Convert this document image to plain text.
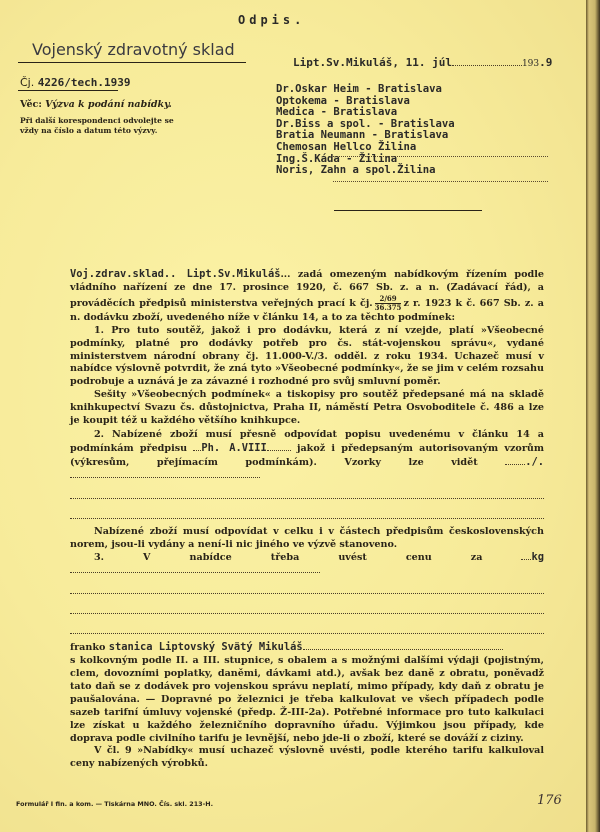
Odpis.
Vojenský zdravotný sklad
Čj. 4226/tech.1939
Věc: Výzva k podání nabídky.
Při další korespondenci odvolejte se vždy na číslo a datum této výzvy.
Lipt.Sv.Mikuláš, 11. júl	193.9
Dr.Oskar Heim - Bratislava
Optokema - Bratislava
Medica - Bratislava
Dr.Biss a spol. - Bratislava
Bratia Neumann - Bratislava
Chemosan Hellco Žilina
Ing.Š.Káda - Žilina
Noris, Zahn a spol.Žilina

Voj.zdrav.sklad.. Lipt.Sv.Mikuláš... zadá omezeným nabídkovým řízením podle vládního nařízení ze dne 17. prosince 1920, č. 667 Sb. z. a n. (Zadávací řád), a prováděcích předpisů ministerstva veřejných prací k čj. $\frac{2/69}{36.375}$ z r. 1923 k č. 667 Sb. z. a n. dodávku zboží, uvedeného níže v článku 14, a to za těchto podmínek:

1. Pro tuto soutěž, jakož i pro dodávku, která z ní vzejde, platí »Všeobecné podmínky, platné pro dodávky potřeb pro čs. stát-vojenskou správu«, vydané ministerstvem národní obrany čj. 11.000-V./3. odděl. z roku 1934. Uchazeč musí v nabídce výslovně potvrdit, že zná tyto »Všeobecné podmínky«, že se jim v celém rozsahu podrobuje a uznává je za závazné i rozhodné pro svůj smluvní poměr.

Sešity »Všeobecných podmínek« a tiskopisy pro soutěž předepsané má na skladě knihkupectví Svazu čs. důstojnictva, Praha II, náměstí Petra Osvoboditele č. 486 a lze je koupit též u každého většího knihkupce.

2. Nabízené zboží musí přesně odpovídat popisu uvedenému v článku 14 a podmínkám předpisu Ph. A.VIII	jakož i předepsaným autorisovaným vzorům (výkresům, přejímacím podmínkám). Vzorky lze vidět	./.

Nabízené zboží musí odpovídat v celku i v částech předpisům československých norem, jsou-li vydány a není-li nic jiného ve výzvě stanoveno.

3. V nabídce třeba uvést cenu za	kg

franko stanica Liptovský Svätý Mikuláš

s kolkovným podle II. a III. stupnice, s obalem a s možnými dalšími výdaji (pojistným, clem, dovozními poplatky, daněmi, dávkami atd.), avšak bez daně z obratu, poněvadž tato daň se z dodávek pro vojenskou správu neplatí, mimo případy, kdy daň z obratu je paušalována. — Dopravné po železnici je třeba kalkulovat ve všech případech podle sazeb tarifní úmluvy vojenské (předp. Ž-III-2a). Potřebné informace pro tuto kalkulaci lze získat u každého železničního dopravního úřadu. Výjimkou jsou případy, kde doprava podle civilního tarifu je levnější, nebo jde-li o zboží, které se dováží z ciziny.

V čl. 9 »Nabídky« musí uchazeč výslovně uvésti, podle kterého tarifu kalkuloval ceny nabízených výrobků.

Formulář I fin. a kom. — Tiskárna MNO. Čís. skl. 213-H.	176
